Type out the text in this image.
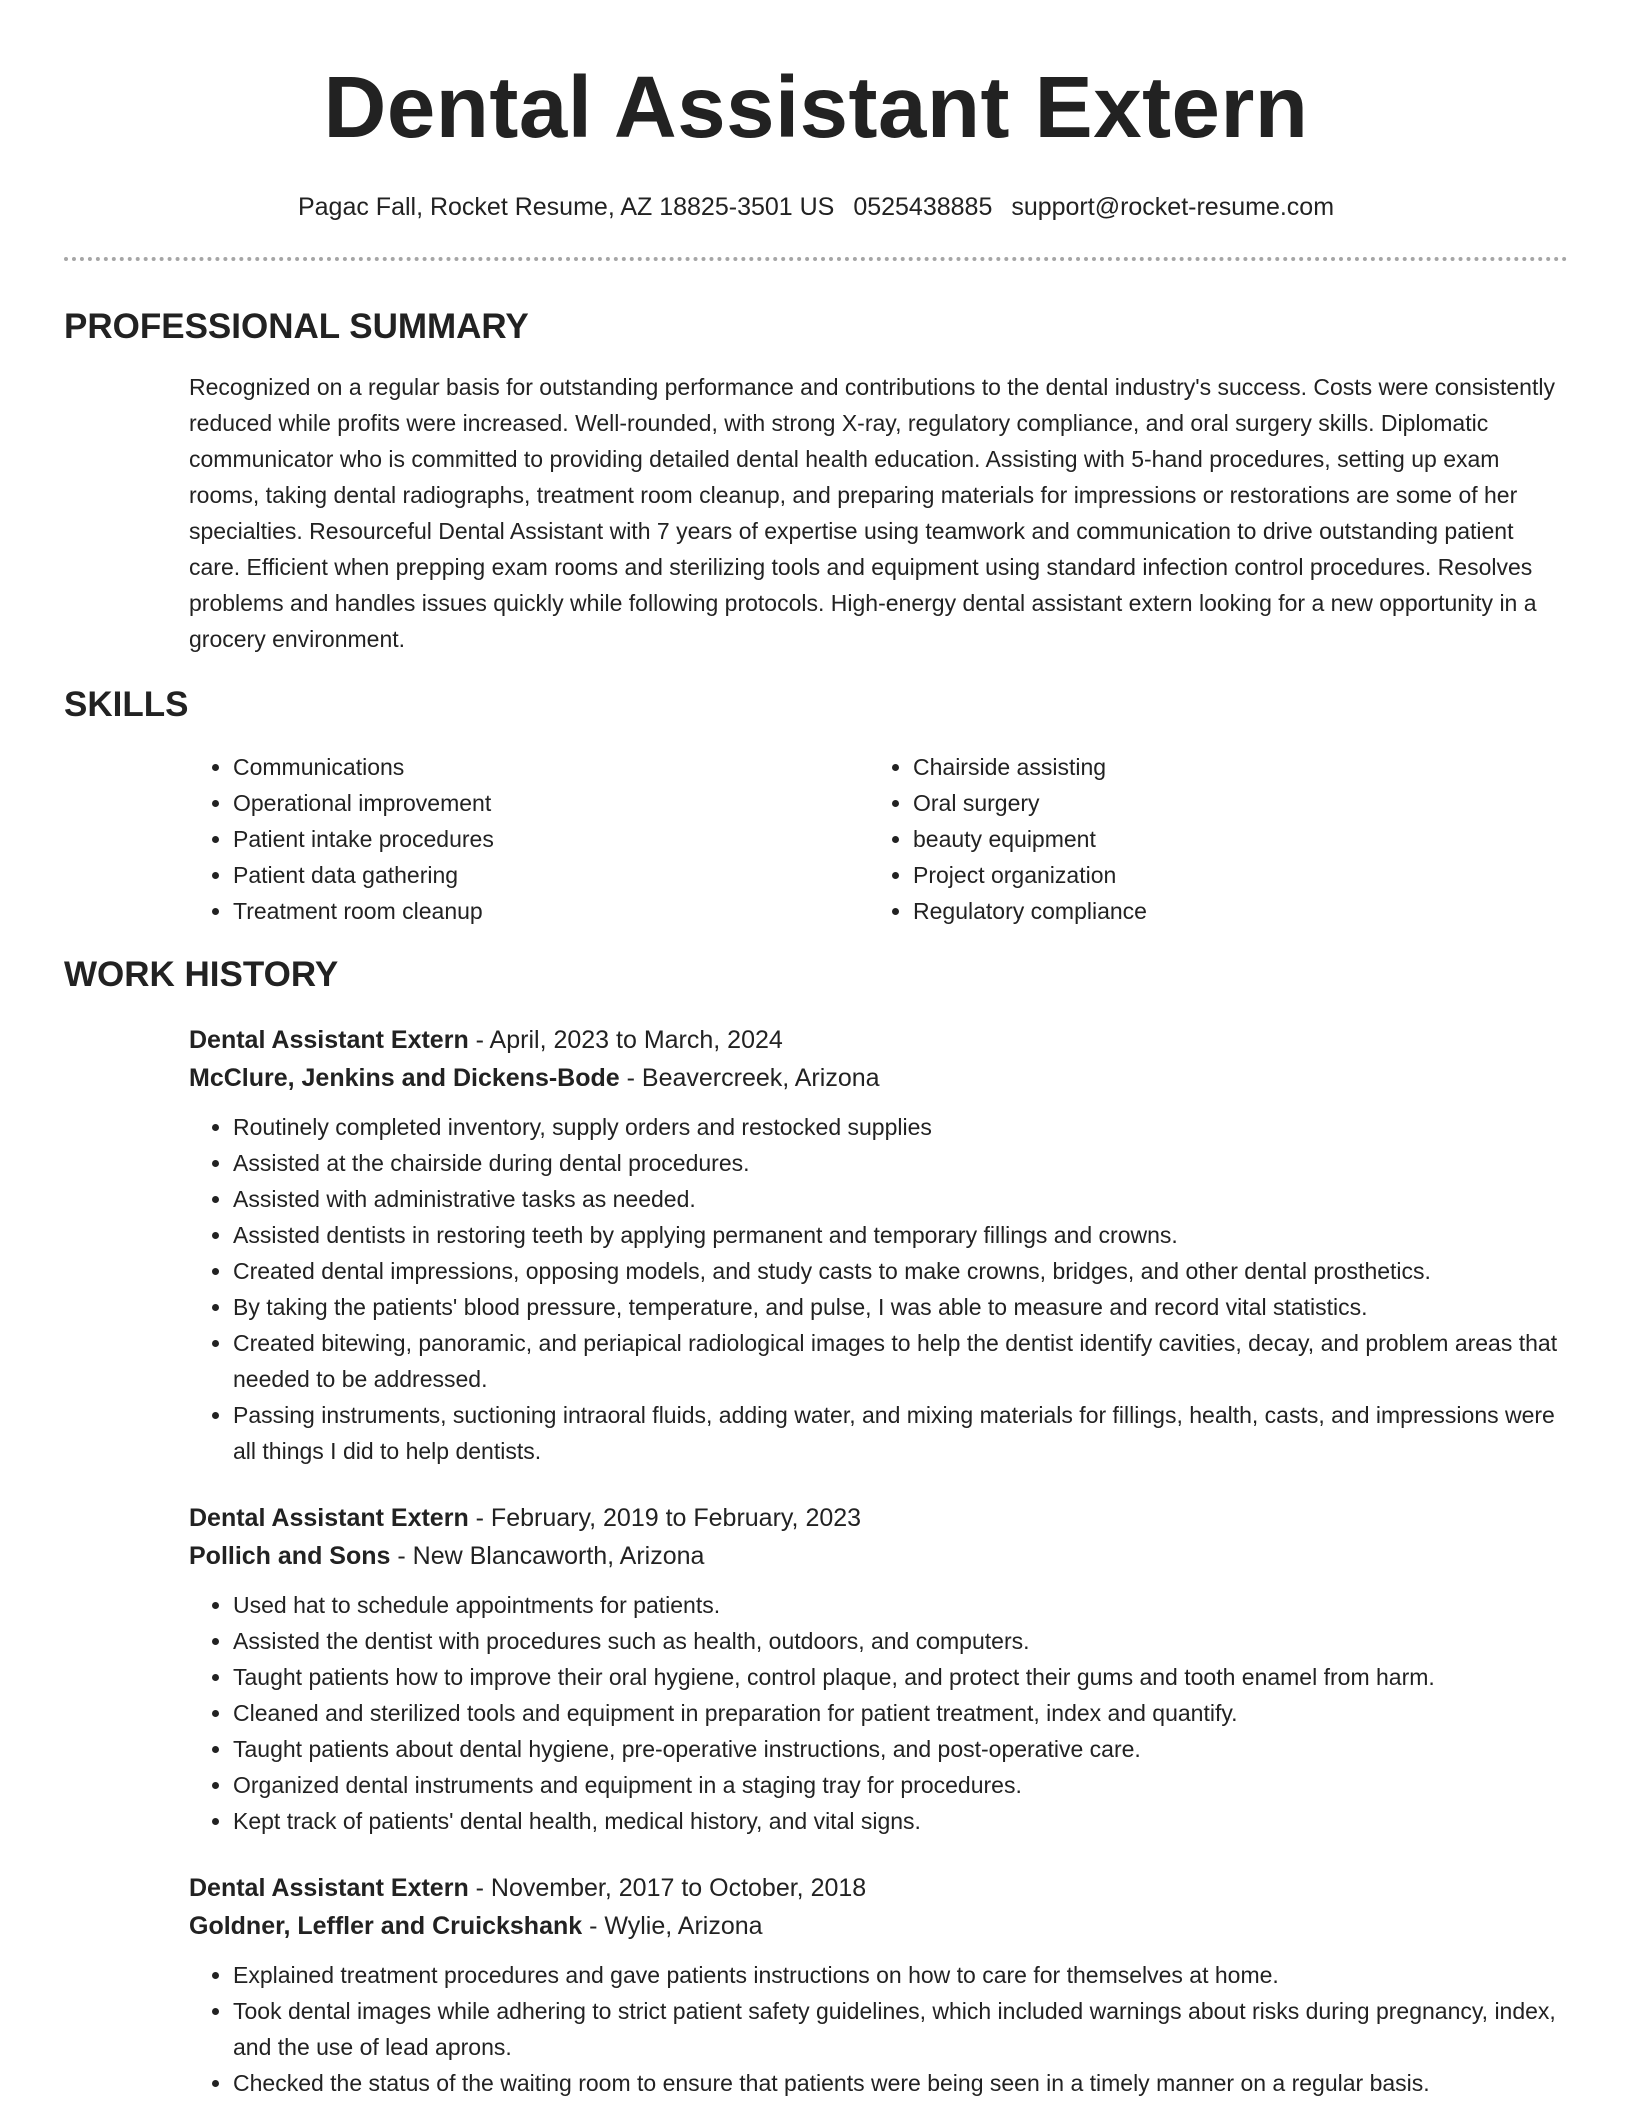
Dental Assistant Extern
Pagac Fall, Rocket Resume, AZ 18825-3501 US 0525438885 support@rocket-resume.com
PROFESSIONAL SUMMARY
Recognized on a regular basis for outstanding performance and contributions to the dental industry's success. Costs were consistently reduced while profits were increased. Well-rounded, with strong X-ray, regulatory compliance, and oral surgery skills. Diplomatic communicator who is committed to providing detailed dental health education. Assisting with 5-hand procedures, setting up exam rooms, taking dental radiographs, treatment room cleanup, and preparing materials for impressions or restorations are some of her specialties. Resourceful Dental Assistant with 7 years of expertise using teamwork and communication to drive outstanding patient care. Efficient when prepping exam rooms and sterilizing tools and equipment using standard infection control procedures. Resolves problems and handles issues quickly while following protocols. High-energy dental assistant extern looking for a new opportunity in a grocery environment.
SKILLS
• Communications
• Operational improvement
• Patient intake procedures
• Patient data gathering
• Treatment room cleanup
• Chairside assisting
• Oral surgery
• beauty equipment
• Project organization
• Regulatory compliance
WORK HISTORY
Dental Assistant Extern - April, 2023 to March, 2024
McClure, Jenkins and Dickens-Bode - Beavercreek, Arizona
• Routinely completed inventory, supply orders and restocked supplies
• Assisted at the chairside during dental procedures.
• Assisted with administrative tasks as needed.
• Assisted dentists in restoring teeth by applying permanent and temporary fillings and crowns.
• Created dental impressions, opposing models, and study casts to make crowns, bridges, and other dental prosthetics.
• By taking the patients' blood pressure, temperature, and pulse, I was able to measure and record vital statistics.
• Created bitewing, panoramic, and periapical radiological images to help the dentist identify cavities, decay, and problem areas that needed to be addressed.
• Passing instruments, suctioning intraoral fluids, adding water, and mixing materials for fillings, health, casts, and impressions were all things I did to help dentists.
Dental Assistant Extern - February, 2019 to February, 2023
Pollich and Sons - New Blancaworth, Arizona
• Used hat to schedule appointments for patients.
• Assisted the dentist with procedures such as health, outdoors, and computers.
• Taught patients how to improve their oral hygiene, control plaque, and protect their gums and tooth enamel from harm.
• Cleaned and sterilized tools and equipment in preparation for patient treatment, index and quantify.
• Taught patients about dental hygiene, pre-operative instructions, and post-operative care.
• Organized dental instruments and equipment in a staging tray for procedures.
• Kept track of patients' dental health, medical history, and vital signs.
Dental Assistant Extern - November, 2017 to October, 2018
Goldner, Leffler and Cruickshank - Wylie, Arizona
• Explained treatment procedures and gave patients instructions on how to care for themselves at home.
• Took dental images while adhering to strict patient safety guidelines, which included warnings about risks during pregnancy, index, and the use of lead aprons.
• Checked the status of the waiting room to ensure that patients were being seen in a timely manner on a regular basis.
